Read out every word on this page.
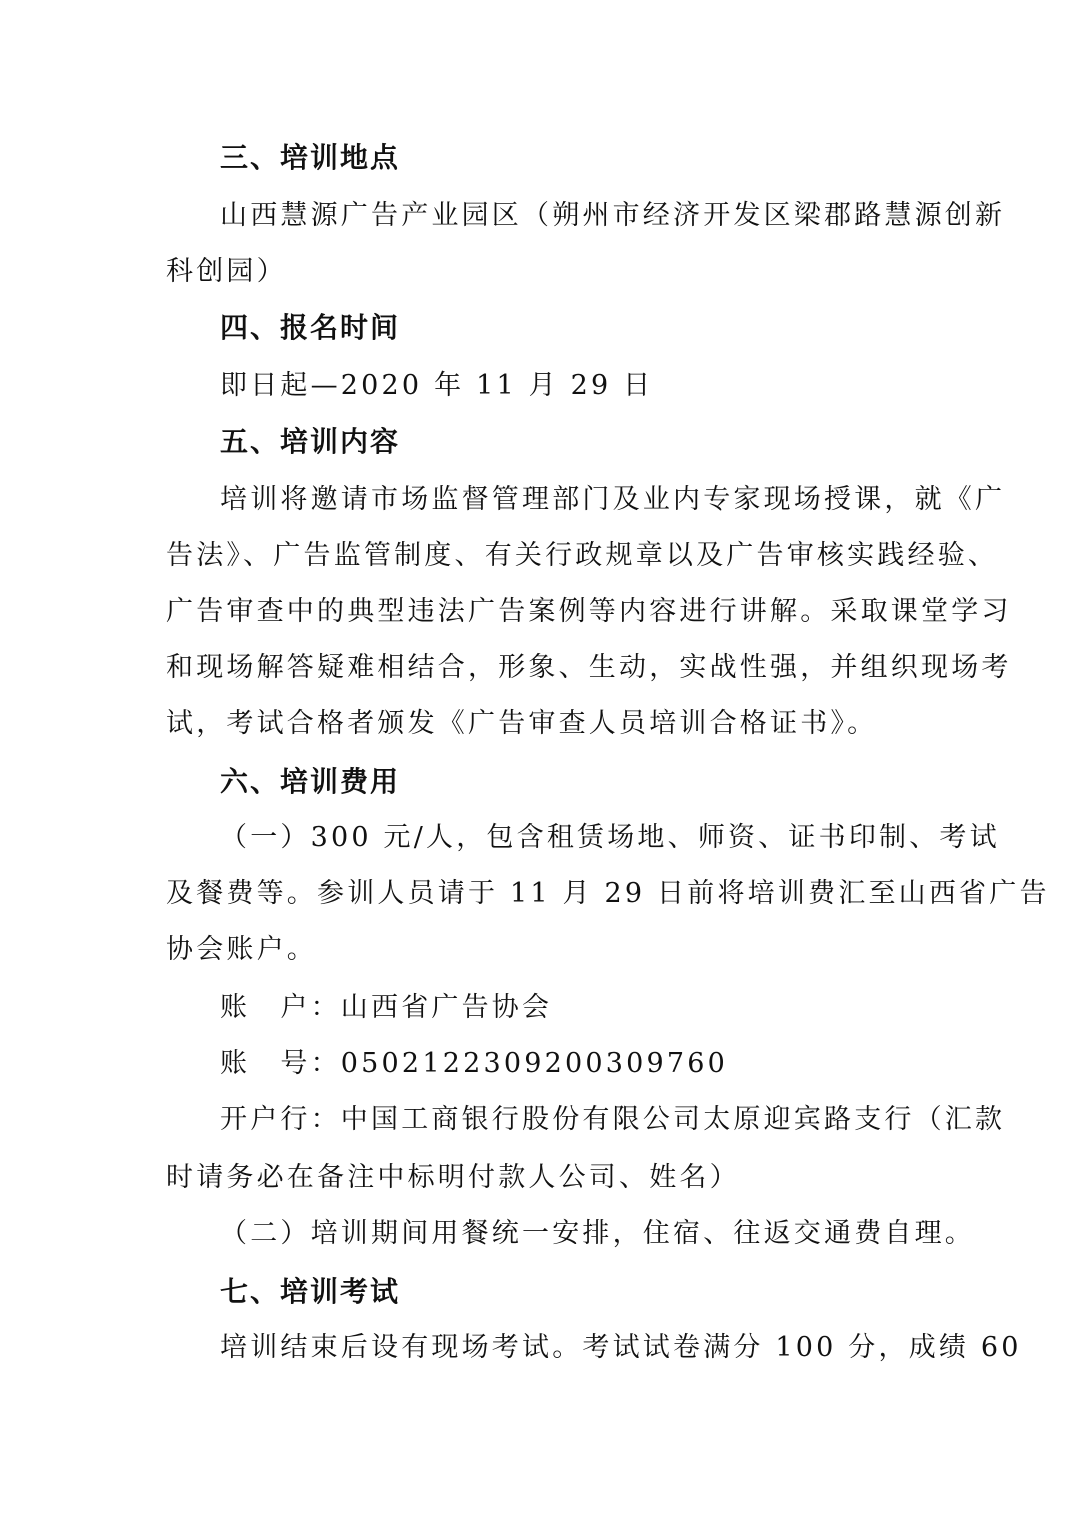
三、培训地点
山西慧源广告产业园区（朔州市经济开发区梁郡路慧源创新
科创园）
四、报名时间
即日起—2020 年 11 月 29 日
五、培训内容
培训将邀请市场监督管理部门及业内专家现场授课，就《广
告法》、广告监管制度、有关行政规章以及广告审核实践经验、
广告审查中的典型违法广告案例等内容进行讲解。采取课堂学习
和现场解答疑难相结合，形象、生动，实战性强，并组织现场考
试，考试合格者颁发《广告审查人员培训合格证书》。
六、培训费用
（一）300 元/人，包含租赁场地、师资、证书印制、考试
及餐费等。参训人员请于 11 月 29 日前将培训费汇至山西省广告
协会账户。
账　户：山西省广告协会
账　号：0502122309200309760
开户行：中国工商银行股份有限公司太原迎宾路支行（汇款
时请务必在备注中标明付款人公司、姓名）
（二）培训期间用餐统一安排，住宿、往返交通费自理。
七、培训考试
培训结束后设有现场考试。考试试卷满分 100 分，成绩 60
